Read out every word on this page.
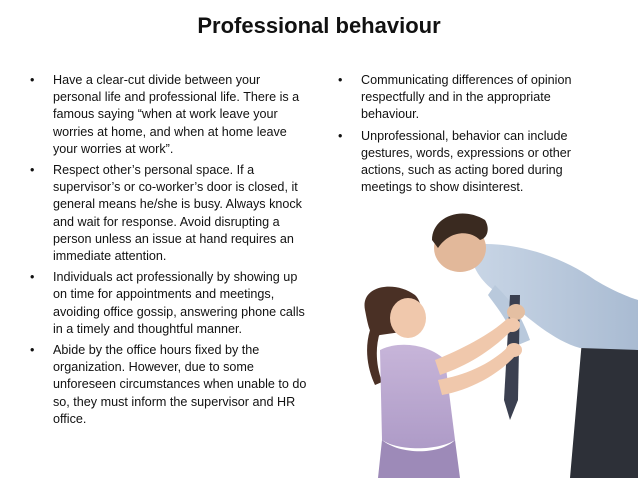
Professional behaviour
• Have a clear-cut divide between your personal life and professional life. There is a famous saying “when at work leave your worries at home, and when at home leave your worries at work”.
• Respect other’s personal space. If a supervisor’s or co-worker’s door is closed, it general means he/she is busy. Always knock and wait for response. Avoid disrupting a person unless an issue at hand requires an immediate attention.
• Individuals act professionally by showing up on time for appointments and meetings, avoiding office gossip, answering phone calls in a timely and thoughtful manner.
• Abide by the office hours fixed by the organization. However, due to some unforeseen circumstances when unable to do so, they must inform the supervisor and HR office.
• Communicating differences of opinion respectfully and in the appropriate behaviour.
• Unprofessional, behavior can include gestures, words, expressions or other actions, such as acting bored during meetings to show disinterest.
